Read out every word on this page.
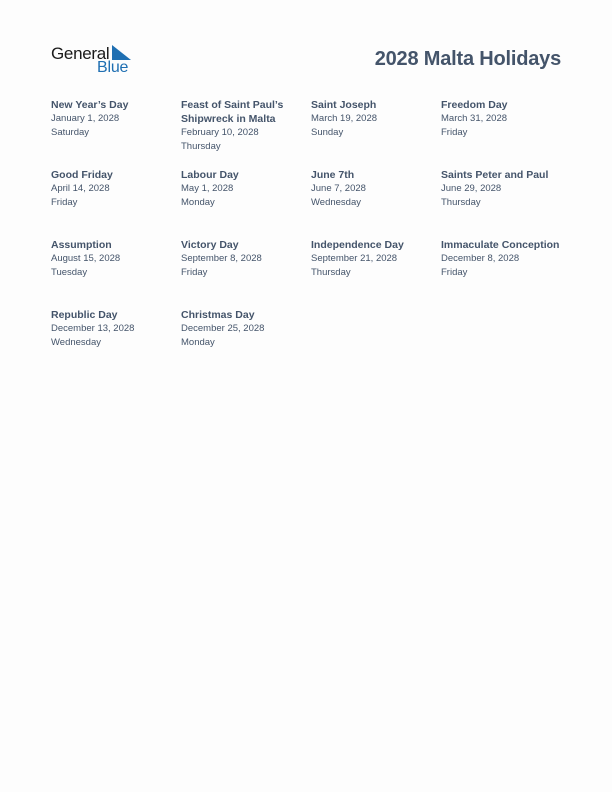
General
Blue	2028 Malta Holidays
New Year’s Day
January 1, 2028
Saturday
Feast of Saint Paul’s Shipwreck in Malta
February 10, 2028
Thursday
Saint Joseph
March 19, 2028
Sunday
Freedom Day
March 31, 2028
Friday
Good Friday
April 14, 2028
Friday
Labour Day
May 1, 2028
Monday
June 7th
June 7, 2028
Wednesday
Saints Peter and Paul
June 29, 2028
Thursday
Assumption
August 15, 2028
Tuesday
Victory Day
September 8, 2028
Friday
Independence Day
September 21, 2028
Thursday
Immaculate Conception
December 8, 2028
Friday
Republic Day
December 13, 2028
Wednesday
Christmas Day
December 25, 2028
Monday
